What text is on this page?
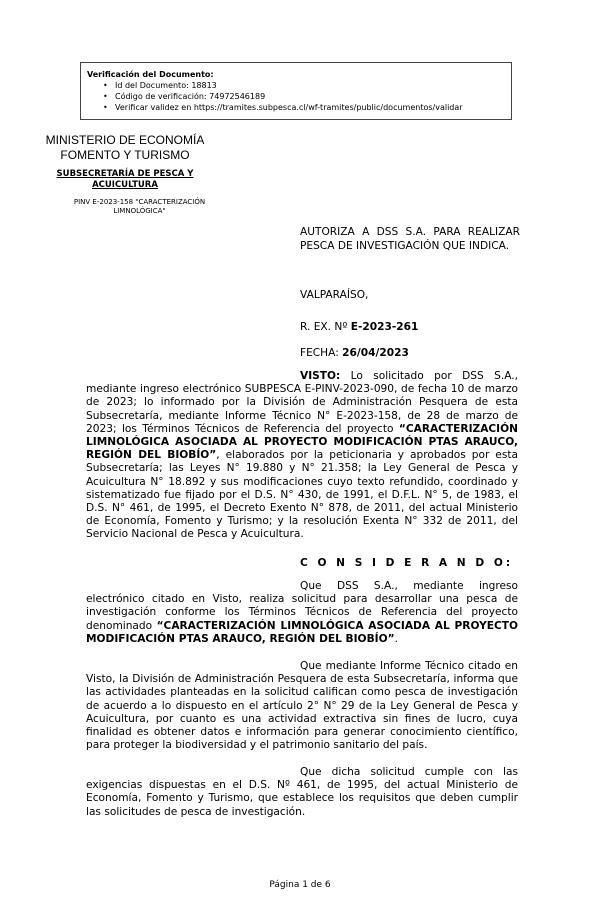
Verificación del Documento:
• Id del Documento: 18813
• Código de verificación: 74972546189
• Verificar validez en https://tramites.subpesca.cl/wf-tramites/public/documentos/validar
MINISTERIO DE ECONOMÍA
FOMENTO Y TURISMO
SUBSECRETARÍA DE PESCA Y ACUICULTURA
PINV E-2023-158 "CARACTERIZACIÓN LIMNOLÓGICA"
AUTORIZA A DSS S.A. PARA REALIZAR PESCA DE INVESTIGACIÓN QUE INDICA.
VALPARAÍSO,
R. EX. Nº E-2023-261
FECHA: 26/04/2023
VISTO: Lo solicitado por DSS S.A., mediante ingreso electrónico SUBPESCA E-PINV-2023-090, de fecha 10 de marzo de 2023; lo informado por la División de Administración Pesquera de esta Subsecretaría, mediante Informe Técnico N° E-2023-158, de 28 de marzo de 2023; los Términos Técnicos de Referencia del proyecto “CARACTERIZACIÓN LIMNOLÓGICA ASOCIADA AL PROYECTO MODIFICACIÓN PTAS ARAUCO, REGIÓN DEL BIOBÍO”, elaborados por la peticionaria y aprobados por esta Subsecretaría; las Leyes N° 19.880 y N° 21.358; la Ley General de Pesca y Acuicultura N° 18.892 y sus modificaciones cuyo texto refundido, coordinado y sistematizado fue fijado por el D.S. N° 430, de 1991, el D.F.L. N° 5, de 1983, el D.S. N° 461, de 1995, el Decreto Exento N° 878, de 2011, del actual Ministerio de Economía, Fomento y Turismo; y la resolución Exenta N° 332 de 2011, del Servicio Nacional de Pesca y Acuicultura.
C O N S I D E R A N D O:
Que DSS S.A., mediante ingreso electrónico citado en Visto, realiza solicitud para desarrollar una pesca de investigación conforme los Términos Técnicos de Referencia del proyecto denominado “CARACTERIZACIÓN LIMNOLÓGICA ASOCIADA AL PROYECTO MODIFICACIÓN PTAS ARAUCO, REGIÓN DEL BIOBÍO”.
Que mediante Informe Técnico citado en Visto, la División de Administración Pesquera de esta Subsecretaría, informa que las actividades planteadas en la solicitud califican como pesca de investigación de acuerdo a lo dispuesto en el artículo 2° N° 29 de la Ley General de Pesca y Acuicultura, por cuanto es una actividad extractiva sin fines de lucro, cuya finalidad es obtener datos e información para generar conocimiento científico, para proteger la biodiversidad y el patrimonio sanitario del país.
Que dicha solicitud cumple con las exigencias dispuestas en el D.S. Nº 461, de 1995, del actual Ministerio de Economía, Fomento y Turismo, que establece los requisitos que deben cumplir las solicitudes de pesca de investigación.
Página 1 de 6
